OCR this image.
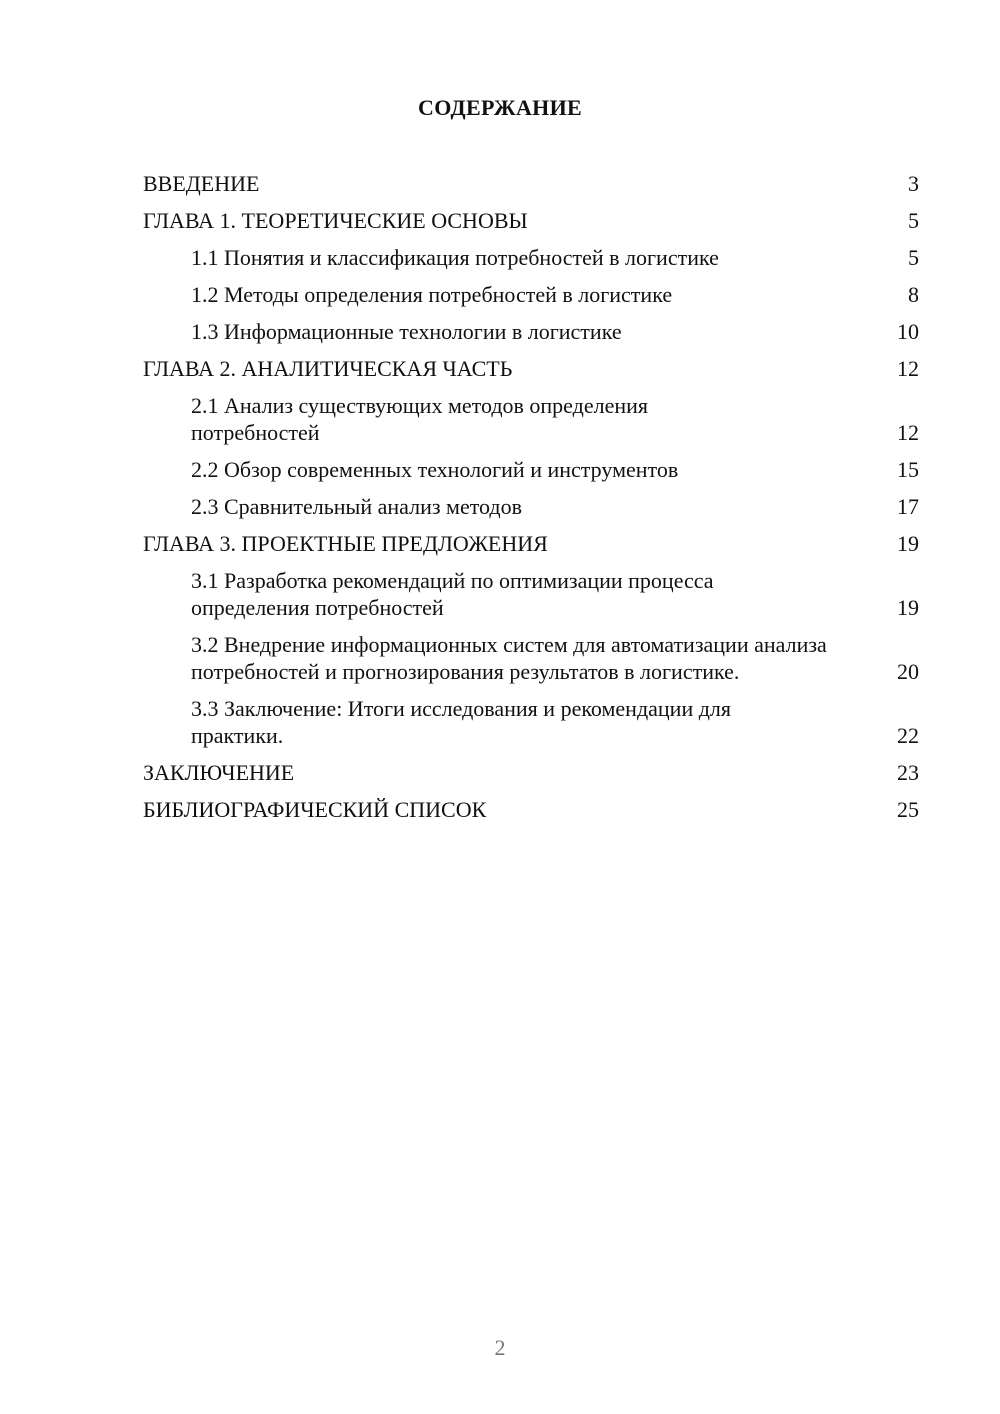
СОДЕРЖАНИЕ
ВВЕДЕНИЕ	3
ГЛАВА 1. ТЕОРЕТИЧЕСКИЕ ОСНОВЫ	5
1.1 Понятия и классификация потребностей в логистике	5
1.2 Методы определения потребностей в логистике	8
1.3 Информационные технологии в логистике	10
ГЛАВА 2. АНАЛИТИЧЕСКАЯ ЧАСТЬ	12
2.1 Анализ существующих методов определения потребностей	12
2.2 Обзор современных технологий и инструментов	15
2.3 Сравнительный анализ методов	17
ГЛАВА 3. ПРОЕКТНЫЕ ПРЕДЛОЖЕНИЯ	19
3.1 Разработка рекомендаций по оптимизации процесса определения потребностей	19
3.2 Внедрение информационных систем для автоматизации анализа потребностей и прогнозирования результатов в логистике.	20
3.3 Заключение: Итоги исследования и рекомендации для практики.	22
ЗАКЛЮЧЕНИЕ	23
БИБЛИОГРАФИЧЕСКИЙ СПИСОК	25
2
